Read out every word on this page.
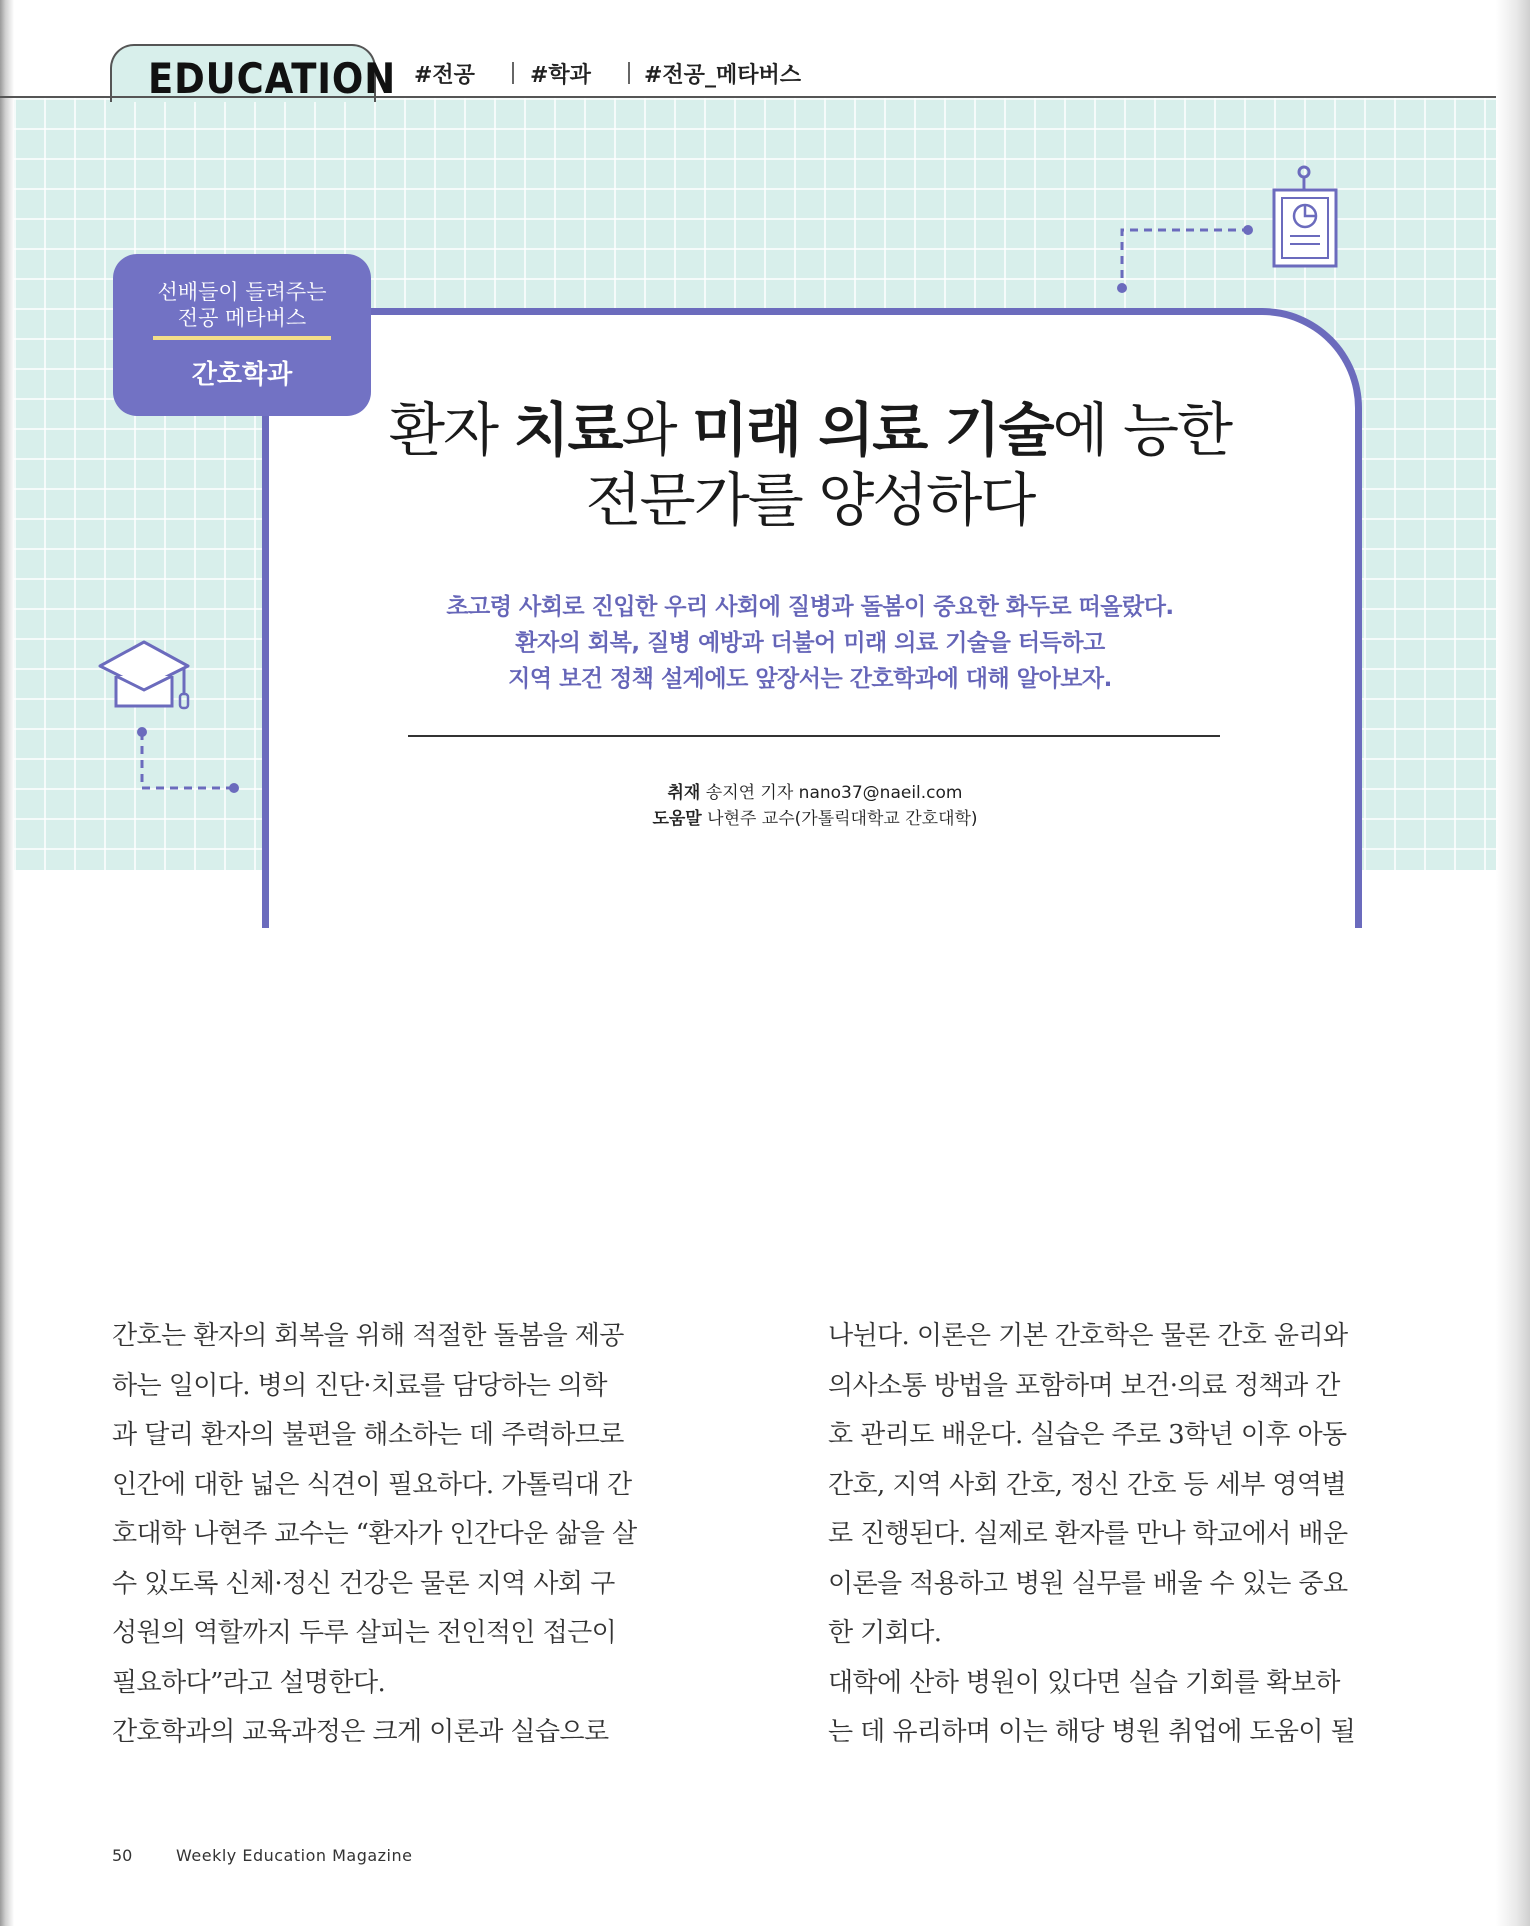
EDUCATION #전공	#학과 #전공_메타버스
선배들이 들려주는
전공 메타버스
간호학과
환자 치료와 미래 의료 기술에 능한
전문가를 양성하다
초고령 사회로 진입한 우리 사회에 질병과 돌봄이 중요한 화두로 떠올랐다.
환자의 회복, 질병 예방과 더불어 미래 의료 기술을 터득하고
지역 보건 정책 설계에도 앞장서는 간호학과에 대해 알아보자.
취재 송지연 기자 nano37@naeil.com
도움말 나현주 교수(가톨릭대학교 간호대학)

간호는 환자의 회복을 위해 적절한 돌봄을 제공

하는 일이다. 병의 진단·치료를 담당하는 의학

과 달리 환자의 불편을 해소하는 데 주력하므로

인간에 대한 넓은 식견이 필요하다. 가톨릭대 간

호대학 나현주 교수는 “환자가 인간다운 삶을 살

수 있도록 신체·정신 건강은 물론 지역 사회 구

성원의 역할까지 두루 살피는 전인적인 접근이

필요하다”라고 설명한다.

간호학과의 교육과정은 크게 이론과 실습으로

나뉜다. 이론은 기본 간호학은 물론 간호 윤리와

의사소통 방법을 포함하며 보건·의료 정책과 간

호 관리도 배운다. 실습은 주로 3학년 이후 아동

간호, 지역 사회 간호, 정신 간호 등 세부 영역별

로 진행된다. 실제로 환자를 만나 학교에서 배운

이론을 적용하고 병원 실무를 배울 수 있는 중요

한 기회다.

대학에 산하 병원이 있다면 실습 기회를 확보하

는 데 유리하며 이는 해당 병원 취업에 도움이 될

50	Weekly Education Magazine
